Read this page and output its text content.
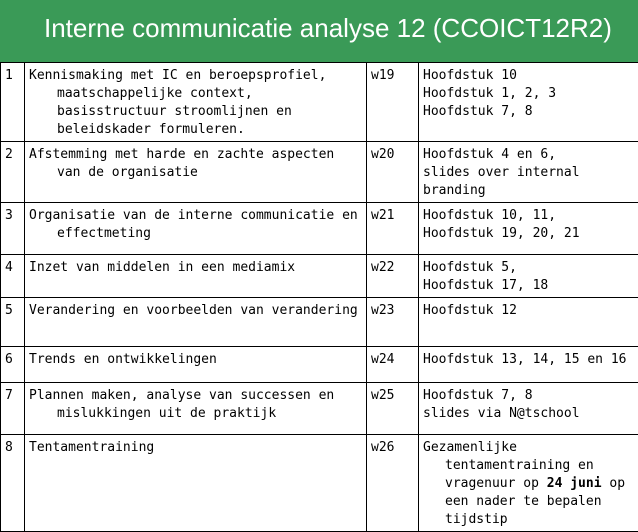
Interne communicatie analyse 12 (CCOICT12R2)
1	Kennismaking met IC en beroepsprofiel, maatschappelijke context, basisstructuur stroomlijnen en beleidskader formuleren.	w19	Hoofdstuk 10
Hoofdstuk 1, 2, 3
Hoofdstuk 7, 8

2	Afstemming met harde en zachte aspecten van de organisatie	w20	Hoofdstuk 4 en 6,
slides over internal branding

3	Organisatie van de interne communicatie en effectmeting	w21	Hoofdstuk 10, 11,
Hoofdstuk 19, 20, 21

4	Inzet van middelen in een mediamix	w22	Hoofdstuk 5,
Hoofdstuk 17, 18

5	Verandering en voorbeelden van verandering	w23	Hoofdstuk 12

6	Trends en ontwikkelingen	w24	Hoofdstuk 13, 14, 15 en 16

7	Plannen maken, analyse van successen en mislukkingen uit de praktijk	w25	Hoofdstuk 7, 8
slides via N@tschool

8	Tentamentraining	w26	Gezamenlijke tentamentraining en vragenuur op 24 juni op een nader te bepalen tijdstip
